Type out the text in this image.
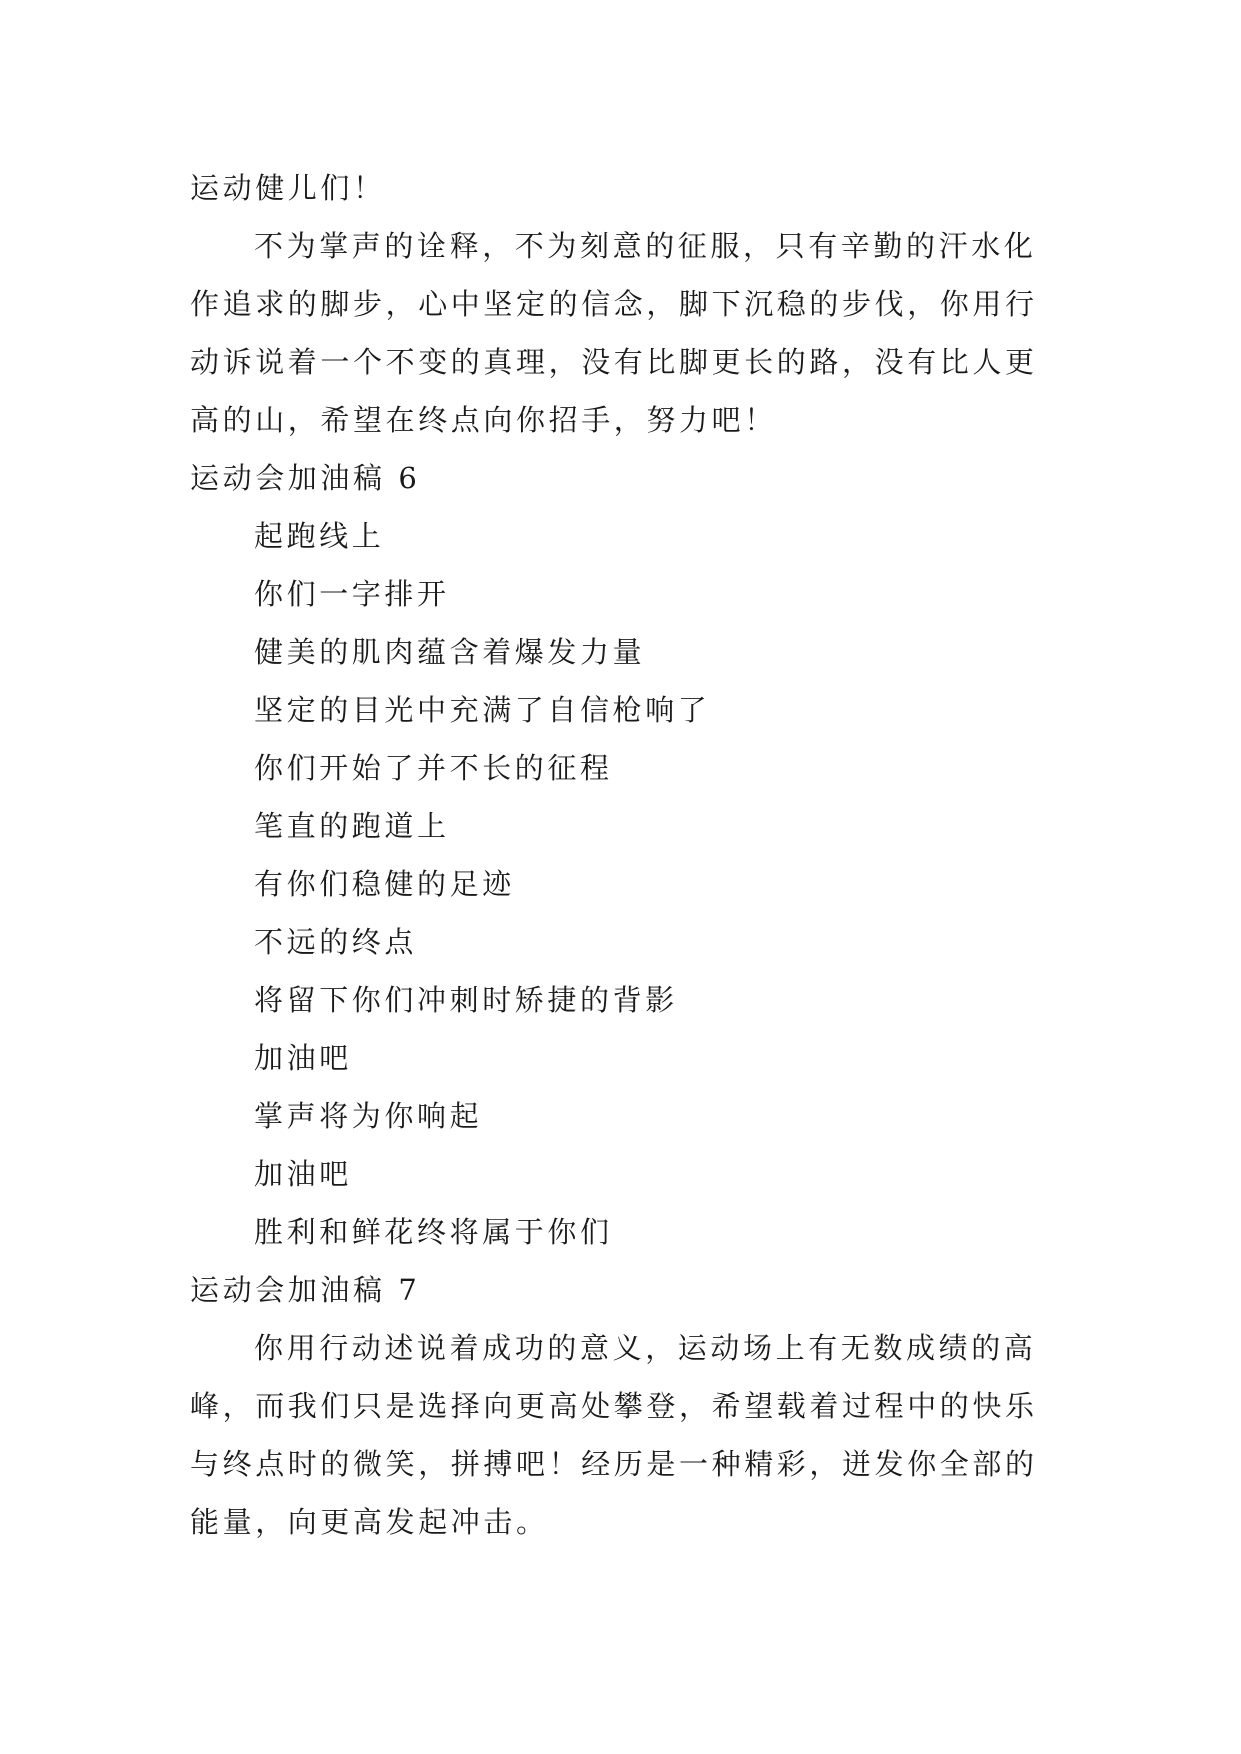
运动健儿们！
不为掌声的诠释，不为刻意的征服，只有辛勤的汗水化
作追求的脚步，心中坚定的信念，脚下沉稳的步伐，你用行
动诉说着一个不变的真理，没有比脚更长的路，没有比人更
高的山，希望在终点向你招手，努力吧！
运动会加油稿 6
起跑线上
你们一字排开
健美的肌肉蕴含着爆发力量
坚定的目光中充满了自信枪响了
你们开始了并不长的征程
笔直的跑道上
有你们稳健的足迹
不远的终点
将留下你们冲刺时矫捷的背影
加油吧
掌声将为你响起
加油吧
胜利和鲜花终将属于你们
运动会加油稿 7
你用行动述说着成功的意义，运动场上有无数成绩的高
峰，而我们只是选择向更高处攀登，希望载着过程中的快乐
与终点时的微笑，拼搏吧！经历是一种精彩，迸发你全部的
能量，向更高发起冲击。
